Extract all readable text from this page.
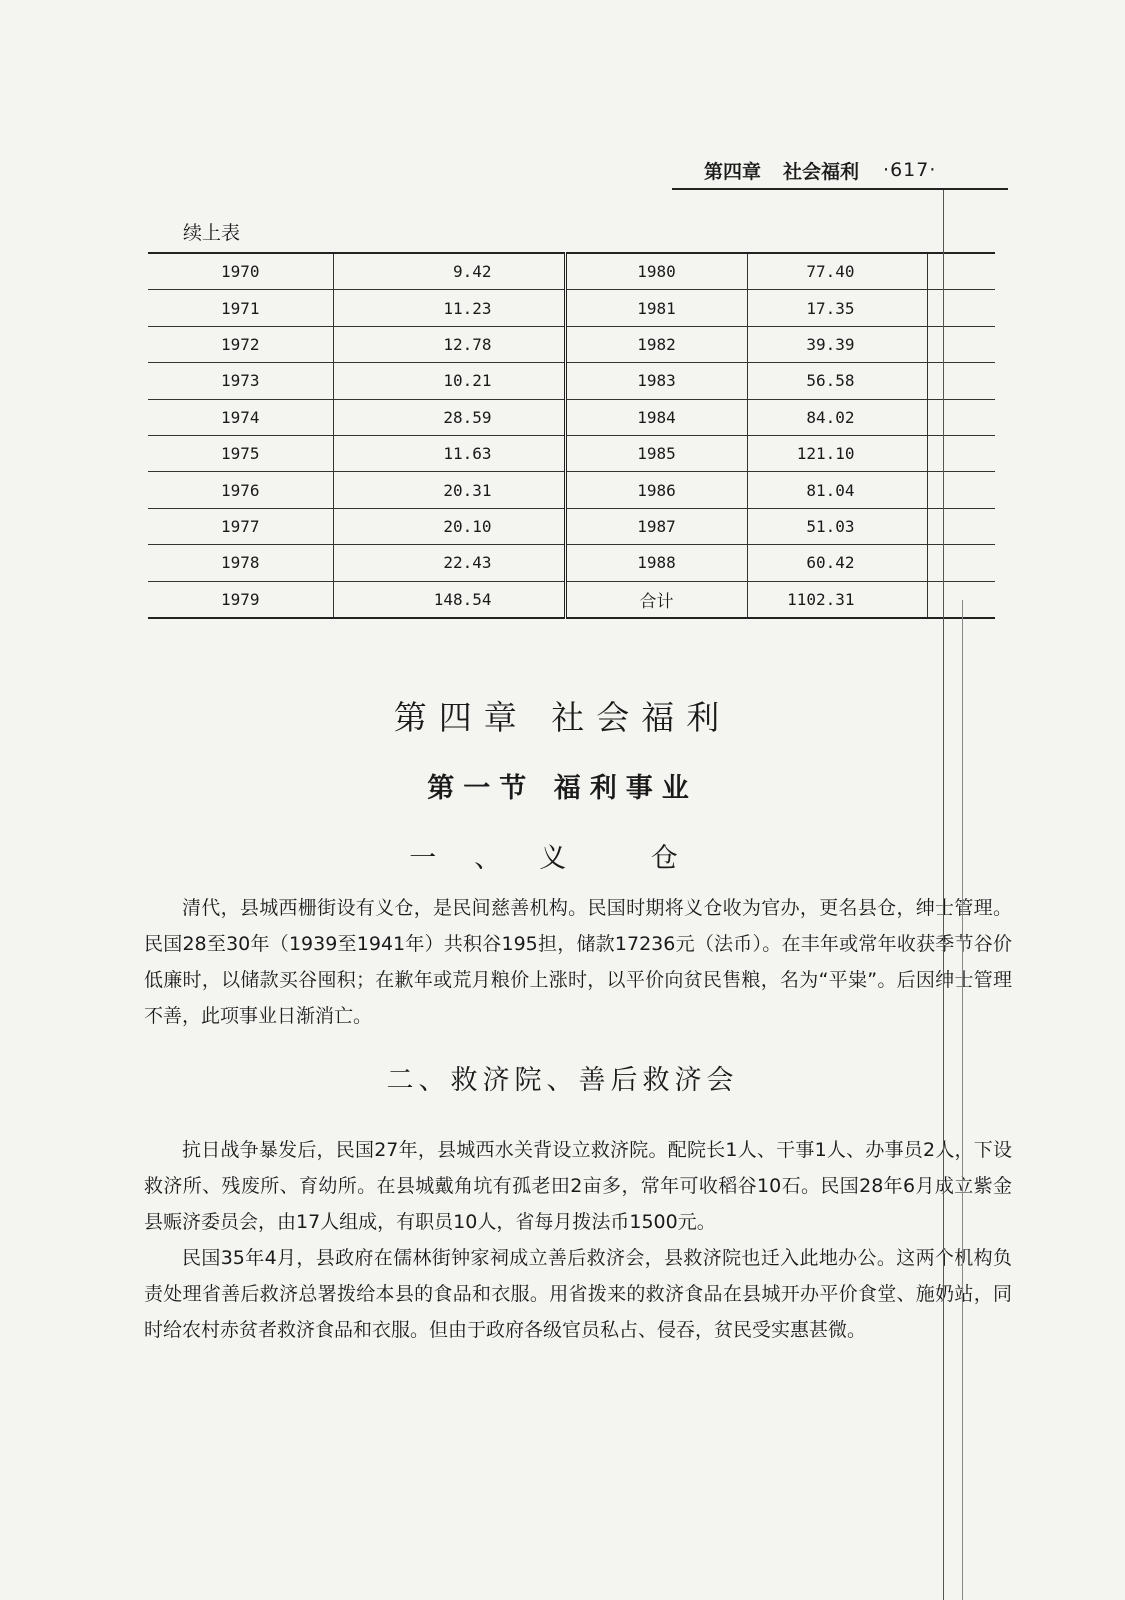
第四章 社会福利 ·617·
续上表
1970	9.42	1980	77.40	
1971	11.23	1981	17.35	
1972	12.78	1982	39.39	
1973	10.21	1983	56.58	
1974	28.59	1984	84.02	
1975	11.63	1985	121.10	
1976	20.31	1986	81.04	
1977	20.10	1987	51.03	
1978	22.43	1988	60.42	
1979	148.54	合计	1102.31	
第四章 社会福利
第一节 福利事业
一、义 仓

清代，县城西栅街设有义仓，是民间慈善机构。民国时期将义仓收为官办，更名县仓，绅士管理。民国28至30年（1939至1941年）共积谷195担，储款17236元（法币）。在丰年或常年收获季节谷价低廉时，以储款买谷囤积；在歉年或荒月粮价上涨时，以平价向贫民售粮，名为“平粜”。后因绅士管理不善，此项事业日渐消亡。

二、救济院、善后救济会

抗日战争暴发后，民国27年，县城西水关背设立救济院。配院长1人、干事1人、办事员2人，下设救济所、残废所、育幼所。在县城戴角坑有孤老田2亩多，常年可收稻谷10石。民国28年6月成立紫金县赈济委员会，由17人组成，有职员10人，省每月拨法币1500元。

民国35年4月，县政府在儒林街钟家祠成立善后救济会，县救济院也迁入此地办公。这两个机构负责处理省善后救济总署拨给本县的食品和衣服。用省拨来的救济食品在县城开办平价食堂、施奶站，同时给农村赤贫者救济食品和衣服。但由于政府各级官员私占、侵吞，贫民受实惠甚微。
